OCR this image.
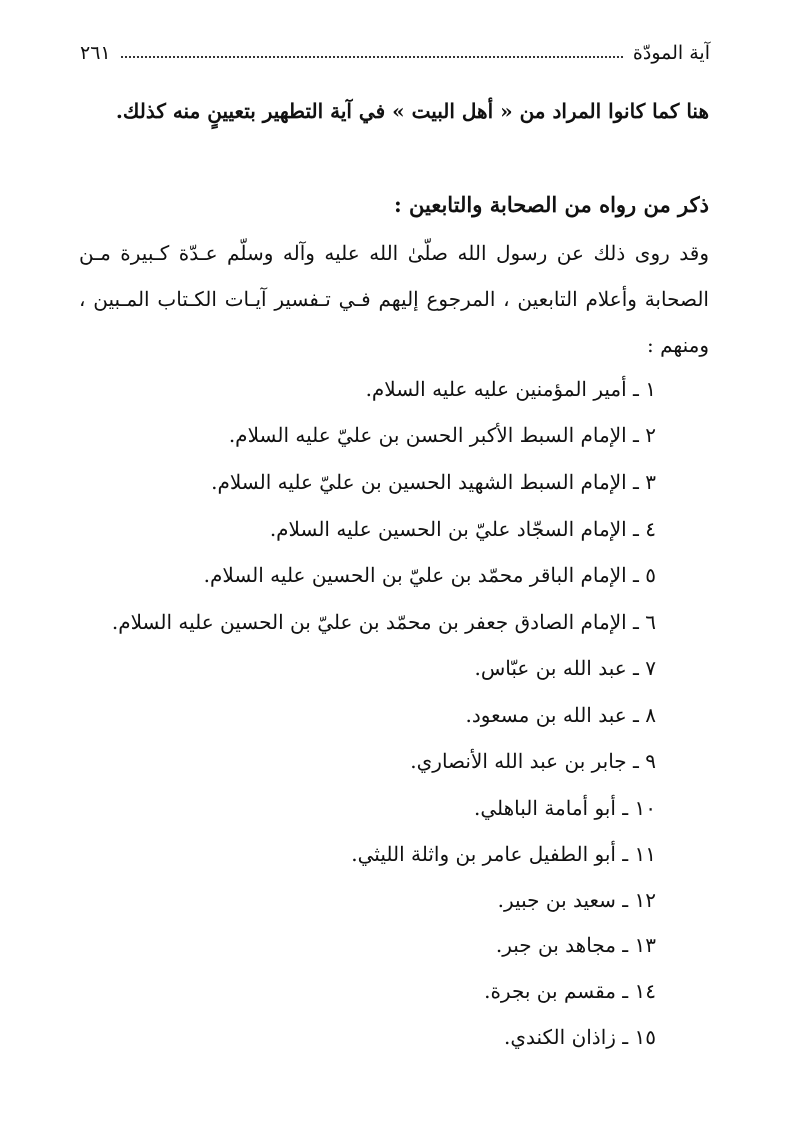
آية المودّة
٢٦١
هنا كما كانوا المراد من « أهل البيت » في آية التطهير بتعيينٍ منه كذلك.
ذكر من رواه من الصحابة والتابعين :
وقد روى ذلك عن رسول الله صلّىٰ الله عليه وآله وسلّم عـدّة كـبيرة مـن
الصحابة وأعلام التابعين ، المرجوع إليهم فـي تـفسير آيـات الكـتاب المـبين ،
ومنهم :
١ ـ أمير المؤمنين عليه عليه السلام.
٢ ـ الإمام السبط الأكبر الحسن بن عليّ عليه السلام.
٣ ـ الإمام السبط الشهيد الحسين بن عليّ عليه السلام.
٤ ـ الإمام السجّاد عليّ بن الحسين عليه السلام.
٥ ـ الإمام الباقر محمّد بن عليّ بن الحسين عليه السلام.
٦ ـ الإمام الصادق جعفر بن محمّد بن عليّ بن الحسين عليه السلام.
٧ ـ عبد الله بن عبّاس.
٨ ـ عبد الله بن مسعود.
٩ ـ جابر بن عبد الله الأنصاري.
١٠ ـ أبو أمامة الباهلي.
١١ ـ أبو الطفيل عامر بن واثلة الليثي.
١٢ ـ سعيد بن جبير.
١٣ ـ مجاهد بن جبر.
١٤ ـ مقسم بن بجرة.
١٥ ـ زاذان الكندي.
